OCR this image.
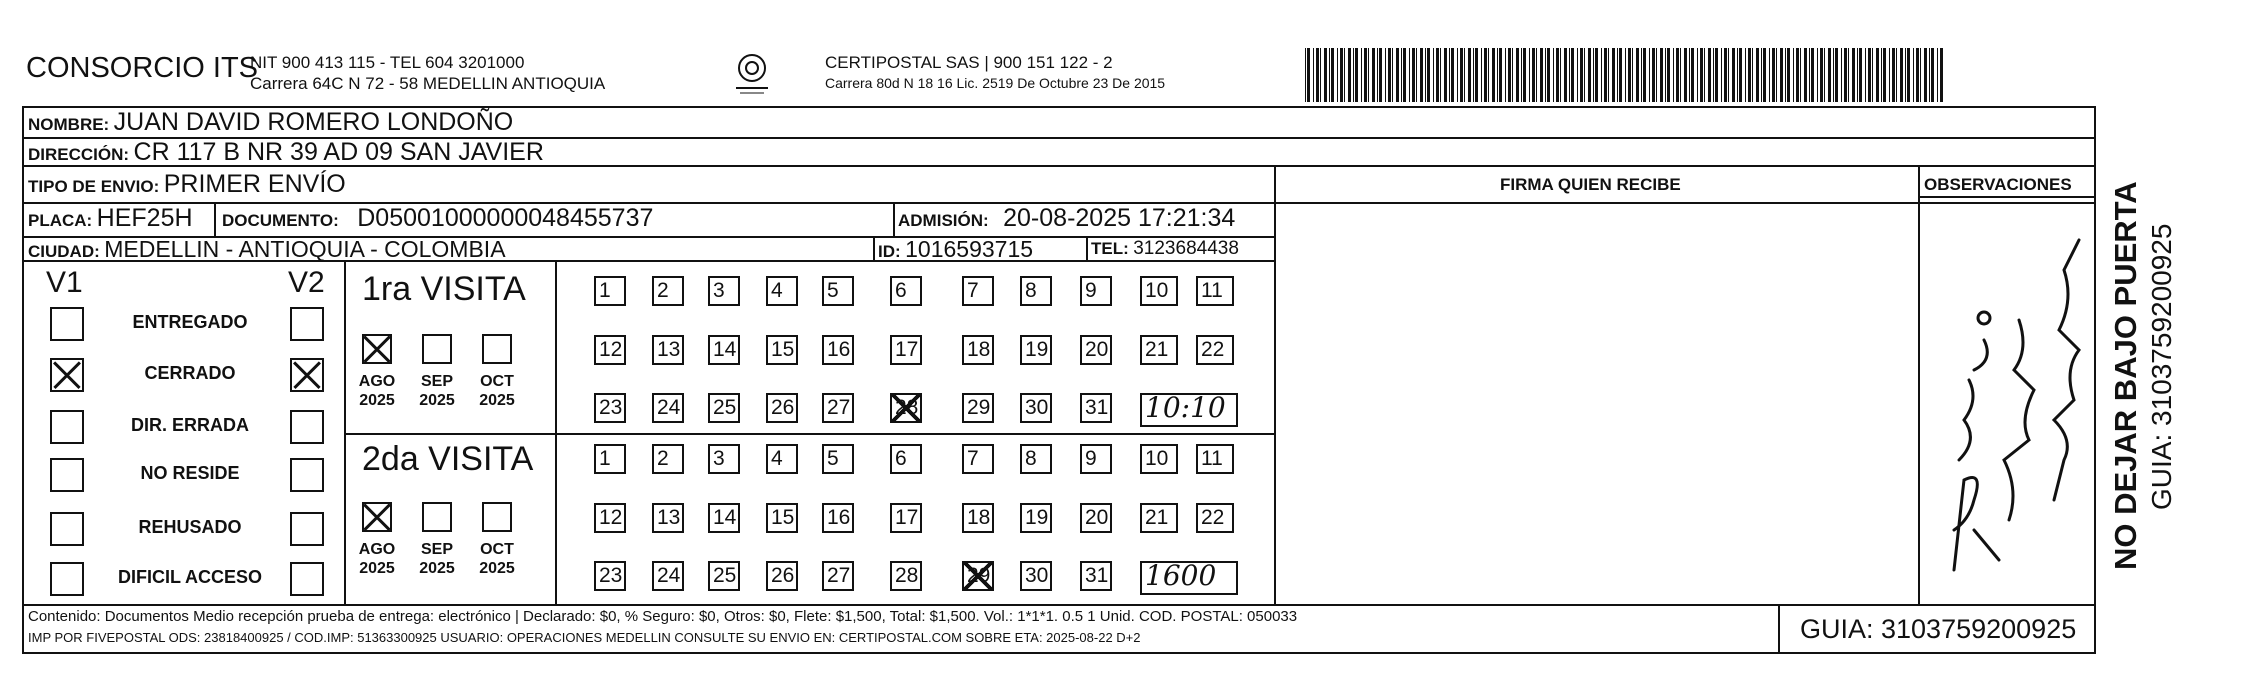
CONSORCIO ITS
NIT 900 413 115 - TEL 604 3201000
Carrera 64C N 72 - 58 MEDELLIN ANTIOQUIA
CERTIPOSTAL SAS | 900 151 122 - 2
Carrera 80d N 18 16 Lic. 2519 De Octubre 23 De 2015
NOMBRE: JUAN DAVID ROMERO LONDOÑO
DIRECCIÓN: CR 117 B NR 39 AD 09 SAN JAVIER
TIPO DE ENVIO: PRIMER ENVÍO	FIRMA QUIEN RECIBE	OBSERVACIONES
PLACA: HEF25H DOCUMENTO: D05001000000048455737	ADMISIÓN: 20-08-2025 17:21:34
CIUDAD: MEDELLIN - ANTIOQUIA - COLOMBIA	ID: 1016593715	TEL: 3123684438
V1	V2
ENTREGADO
CERRADO
DIR. ERRADA
NO RESIDE
REHUSADO
DIFICIL ACCESO
1ra VISITA
AGO
2025
SEP
2025
OCT
2025
1	2	3	4	5	6	7	8	9	10	11
12 13 14 15 16 17 18 19 20 21	22
23 24 25 26 27 28 29 30 31 10:10
2da VISITA
AGO
2025
SEP
2025
OCT
2025
1	2	3	4	5	6	7	8	9	10	11
12 13 14 15 16 17 18 19 20 21	22
23 24 25 26 27 28 29 30 31 1600
Contenido: Documentos Medio recepción prueba de entrega: electrónico | Declarado: $0, % Seguro: $0, Otros: $0, Flete: $1,500, Total: $1,500. Vol.: 1*1*1. 0.5 1 Unid. COD. POSTAL: 050033
IMP POR FIVEPOSTAL ODS: 23818400925 / COD.IMP: 51363300925 USUARIO: OPERACIONES MEDELLIN CONSULTE SU ENVIO EN: CERTIPOSTAL.COM SOBRE ETA: 2025-08-22 D+2	GUIA: 3103759200925
NO DEJAR BAJO PUERTA GUIA: 3103759200925
